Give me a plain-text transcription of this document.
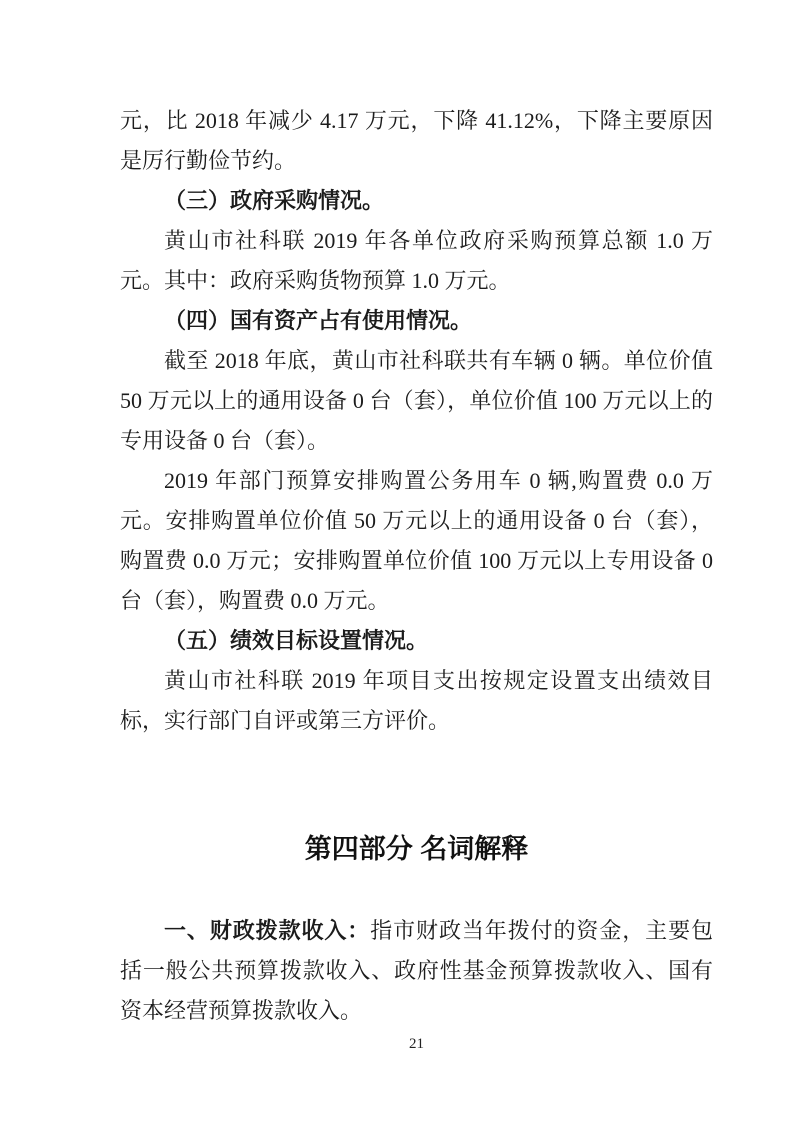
元，比 2018 年减少 4.17 万元，下降 41.12%，下降主要原因是厉行勤俭节约。

（三）政府采购情况。

黄山市社科联 2019 年各单位政府采购预算总额 1.0 万元。其中：政府采购货物预算 1.0 万元。

（四）国有资产占有使用情况。

截至 2018 年底，黄山市社科联共有车辆 0 辆。单位价值 50 万元以上的通用设备 0 台（套），单位价值 100 万元以上的专用设备 0 台（套）。

2019 年部门预算安排购置公务用车 0 辆,购置费 0.0 万元。安排购置单位价值 50 万元以上的通用设备 0 台（套），购置费 0.0 万元；安排购置单位价值 100 万元以上专用设备 0 台（套），购置费 0.0 万元。

（五）绩效目标设置情况。

黄山市社科联 2019 年项目支出按规定设置支出绩效目标，实行部门自评或第三方评价。

第四部分 名词解释

一、财政拨款收入：指市财政当年拨付的资金，主要包括一般公共预算拨款收入、政府性基金预算拨款收入、国有资本经营预算拨款收入。

21
